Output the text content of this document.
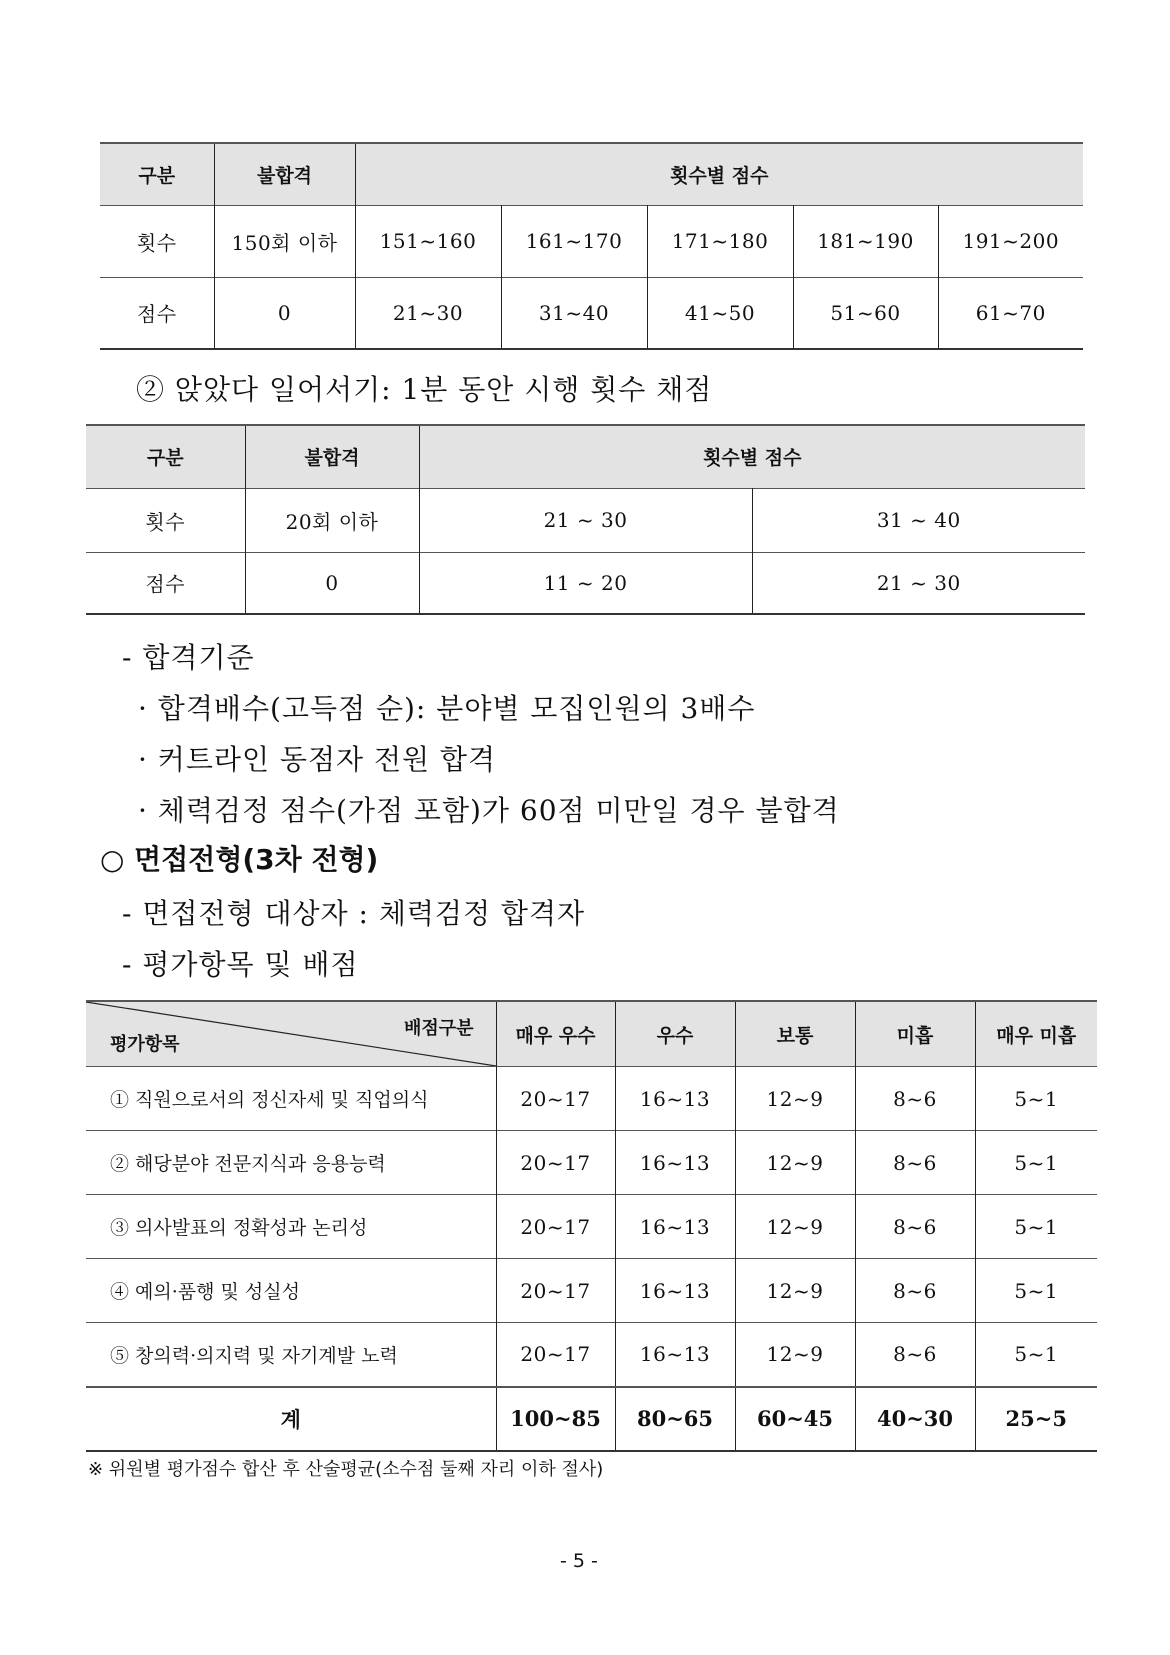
구분	불합격	횟수별 점수				
횟수	150회 이하	151~160	161~170	171~180	181~190	191~200
점수	0	21~30	31~40	41~50	51~60	61~70
② 앉았다 일어서기: 1분 동안 시행 횟수 채점
구분	불합격	횟수별 점수	
횟수	20회 이하	21 ~ 30	31 ~ 40
점수	0	11 ~ 20	21 ~ 30
- 합격기준
· 합격배수(고득점 순): 분야별 모집인원의 3배수
· 커트라인 동점자 전원 합격
· 체력검정 점수(가점 포함)가 60점 미만일 경우 불합격
○ 면접전형(3차 전형)
- 면접전형 대상자 : 체력검정 합격자
- 평가항목 및 배점
배점구분
평가항목	매우 우수	우수	보통	미흡	매우 미흡
① 직원으로서의 정신자세 및 직업의식	20~17	16~13	12~9	8~6	5~1
② 해당분야 전문지식과 응용능력	20~17	16~13	12~9	8~6	5~1
③ 의사발표의 정확성과 논리성	20~17	16~13	12~9	8~6	5~1
④ 예의·품행 및 성실성	20~17	16~13	12~9	8~6	5~1
⑤ 창의력·의지력 및 자기계발 노력	20~17	16~13	12~9	8~6	5~1
계	100~85	80~65	60~45	40~30	25~5
※ 위원별 평가점수 합산 후 산술평균(소수점 둘째 자리 이하 절사)
- 5 -
